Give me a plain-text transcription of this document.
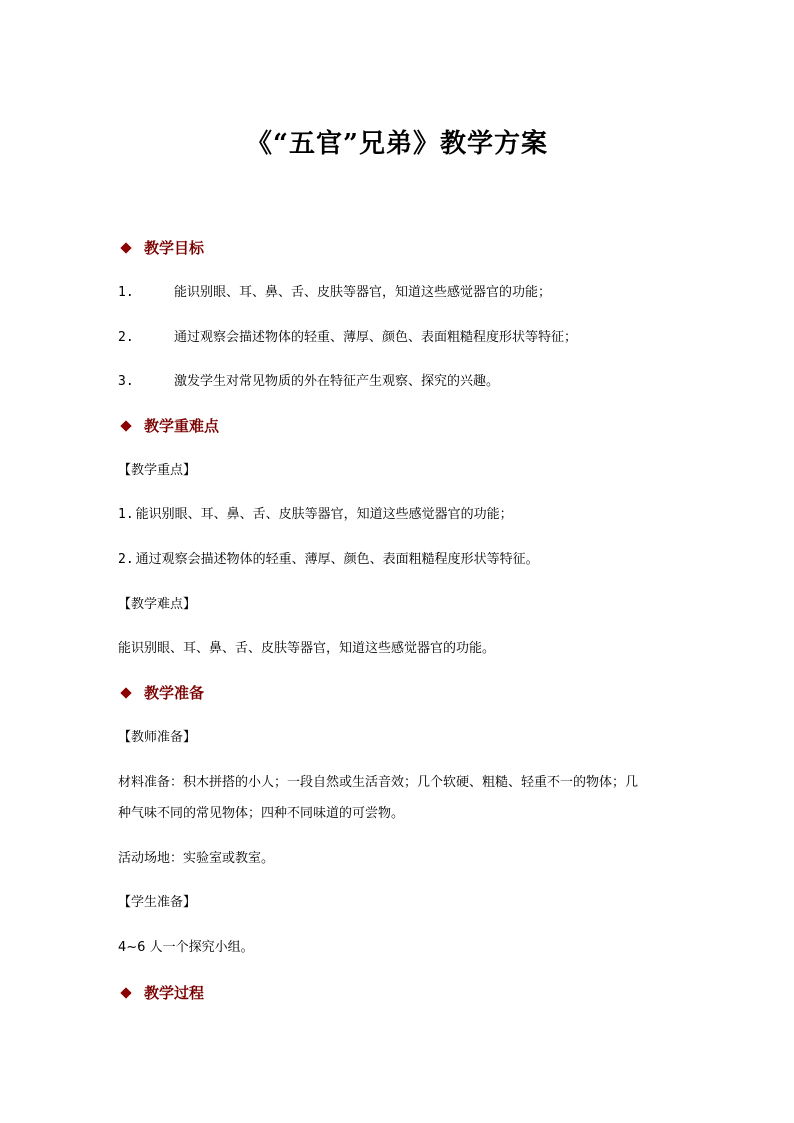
《“五官”兄弟》教学方案
教学目标
1.	能识别眼、耳、鼻、舌、皮肤等器官，知道这些感觉器官的功能；
2.	通过观察会描述物体的轻重、薄厚、颜色、表面粗糙程度形状等特征；
3.	激发学生对常见物质的外在特征产生观察、探究的兴趣。
教学重难点
【教学重点】
1. 能识别眼、耳、鼻、舌、皮肤等器官，知道这些感觉器官的功能；
2. 通过观察会描述物体的轻重、薄厚、颜色、表面粗糙程度形状等特征。
【教学难点】
能识别眼、耳、鼻、舌、皮肤等器官，知道这些感觉器官的功能。
教学准备
【教师准备】
材料准备：积木拼搭的小人；一段自然或生活音效；几个软硬、粗糙、轻重不一的物体；几
种气味不同的常见物体；四种不同味道的可尝物。
活动场地：实验室或教室。
【学生准备】
4~6 人一个探究小组。
教学过程
